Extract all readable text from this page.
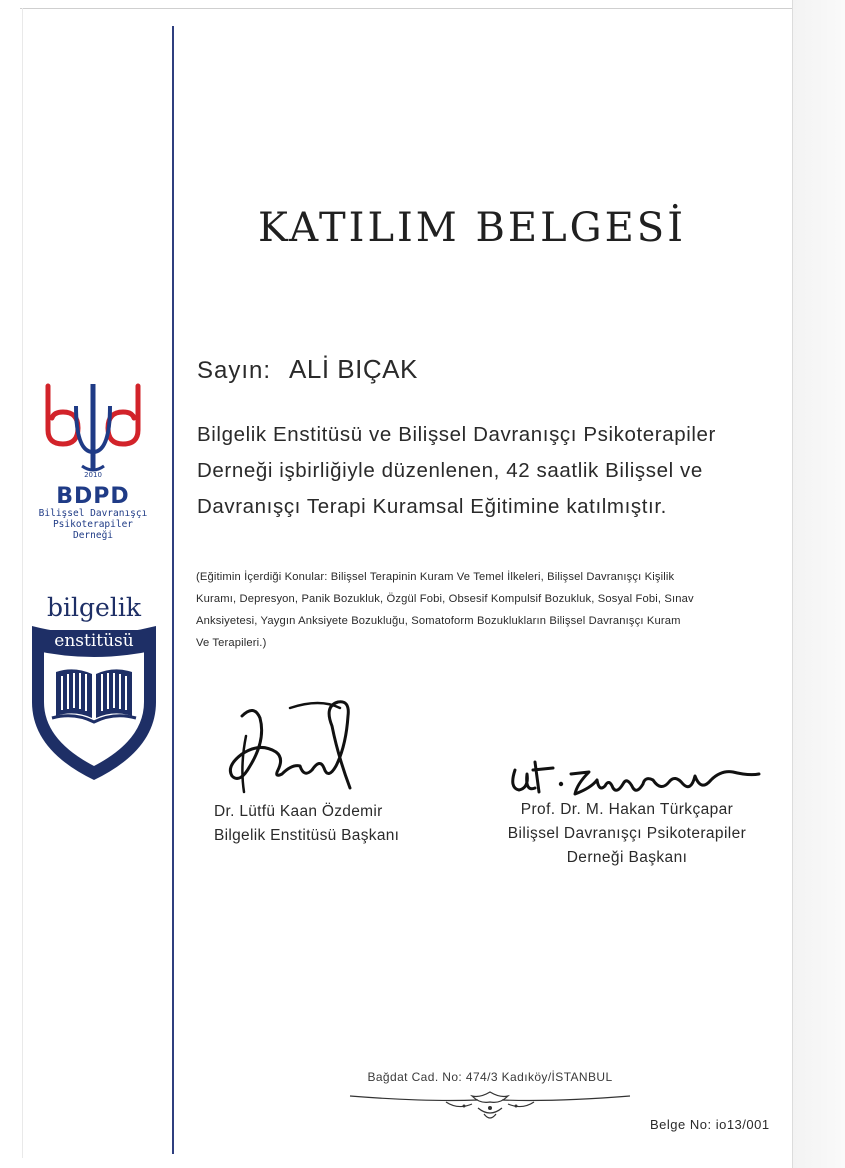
2010
BDPD
Bilişsel Davranışçı
Psikoterapiler Derneği
bilgelik
enstitüsü
KATILIM BELGESİ
Sayın: ALİ BIÇAK
Bilgelik Enstitüsü ve Bilişsel Davranışçı Psikoterapiler
Derneği işbirliğiyle düzenlenen, 42 saatlik Bilişsel ve
Davranışçı Terapi Kuramsal Eğitimine katılmıştır.
(Eğitimin İçerdiği Konular: Bilişsel Terapinin Kuram Ve Temel İlkeleri, Bilişsel Davranışçı Kişilik
Kuramı, Depresyon, Panik Bozukluk, Özgül Fobi, Obsesif Kompulsif Bozukluk, Sosyal Fobi, Sınav
Anksiyetesi, Yaygın Anksiyete Bozukluğu, Somatoform Bozuklukların Bilişsel Davranışçı Kuram
Ve Terapileri.)
Dr. Lütfü Kaan Özdemir
Bilgelik Enstitüsü Başkanı
Prof. Dr. M. Hakan Türkçapar
Bilişsel Davranışçı Psikoterapiler
Derneği Başkanı
Bağdat Cad. No: 474/3 Kadıköy/İSTANBUL
Belge No: io13/001
